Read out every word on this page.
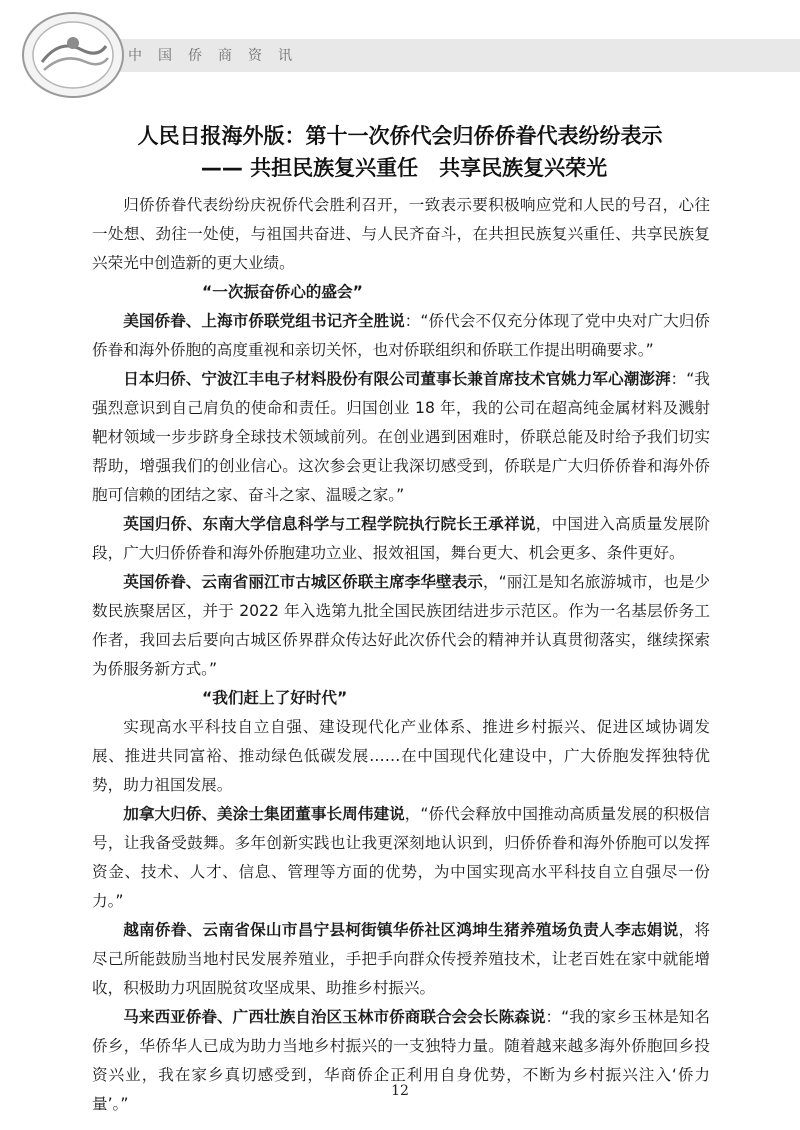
中国侨商资讯
人民日报海外版：第十一次侨代会归侨侨眷代表纷纷表示
—— 共担民族复兴重任　共享民族复兴荣光

归侨侨眷代表纷纷庆祝侨代会胜利召开，一致表示要积极响应党和人民的号召，心往一处想、劲往一处使，与祖国共奋进、与人民齐奋斗，在共担民族复兴重任、共享民族复兴荣光中创造新的更大业绩。

“一次振奋侨心的盛会”

美国侨眷、上海市侨联党组书记齐全胜说：“侨代会不仅充分体现了党中央对广大归侨侨眷和海外侨胞的高度重视和亲切关怀，也对侨联组织和侨联工作提出明确要求。”

日本归侨、宁波江丰电子材料股份有限公司董事长兼首席技术官姚力军心潮澎湃：“我强烈意识到自己肩负的使命和责任。归国创业 18 年，我的公司在超高纯金属材料及溅射靶材领域一步步跻身全球技术领域前列。在创业遇到困难时，侨联总能及时给予我们切实帮助，增强我们的创业信心。这次参会更让我深切感受到，侨联是广大归侨侨眷和海外侨胞可信赖的团结之家、奋斗之家、温暖之家。”

英国归侨、东南大学信息科学与工程学院执行院长王承祥说，中国进入高质量发展阶段，广大归侨侨眷和海外侨胞建功立业、报效祖国，舞台更大、机会更多、条件更好。

英国侨眷、云南省丽江市古城区侨联主席李华壁表示，“丽江是知名旅游城市，也是少数民族聚居区，并于 2022 年入选第九批全国民族团结进步示范区。作为一名基层侨务工作者，我回去后要向古城区侨界群众传达好此次侨代会的精神并认真贯彻落实，继续探索为侨服务新方式。”

“我们赶上了好时代”

实现高水平科技自立自强、建设现代化产业体系、推进乡村振兴、促进区域协调发展、推进共同富裕、推动绿色低碳发展……在中国现代化建设中，广大侨胞发挥独特优势，助力祖国发展。

加拿大归侨、美涂士集团董事长周伟建说，“侨代会释放中国推动高质量发展的积极信号，让我备受鼓舞。多年创新实践也让我更深刻地认识到，归侨侨眷和海外侨胞可以发挥资金、技术、人才、信息、管理等方面的优势，为中国实现高水平科技自立自强尽一份力。”

越南侨眷、云南省保山市昌宁县柯街镇华侨社区鸿坤生猪养殖场负责人李志娟说，将尽己所能鼓励当地村民发展养殖业，手把手向群众传授养殖技术，让老百姓在家中就能增收，积极助力巩固脱贫攻坚成果、助推乡村振兴。

马来西亚侨眷、广西壮族自治区玉林市侨商联合会会长陈森说：“我的家乡玉林是知名侨乡，华侨华人已成为助力当地乡村振兴的一支独特力量。随着越来越多海外侨胞回乡投资兴业，我在家乡真切感受到，华商侨企正利用自身优势，不断为乡村振兴注入‘侨力量’。”

12
